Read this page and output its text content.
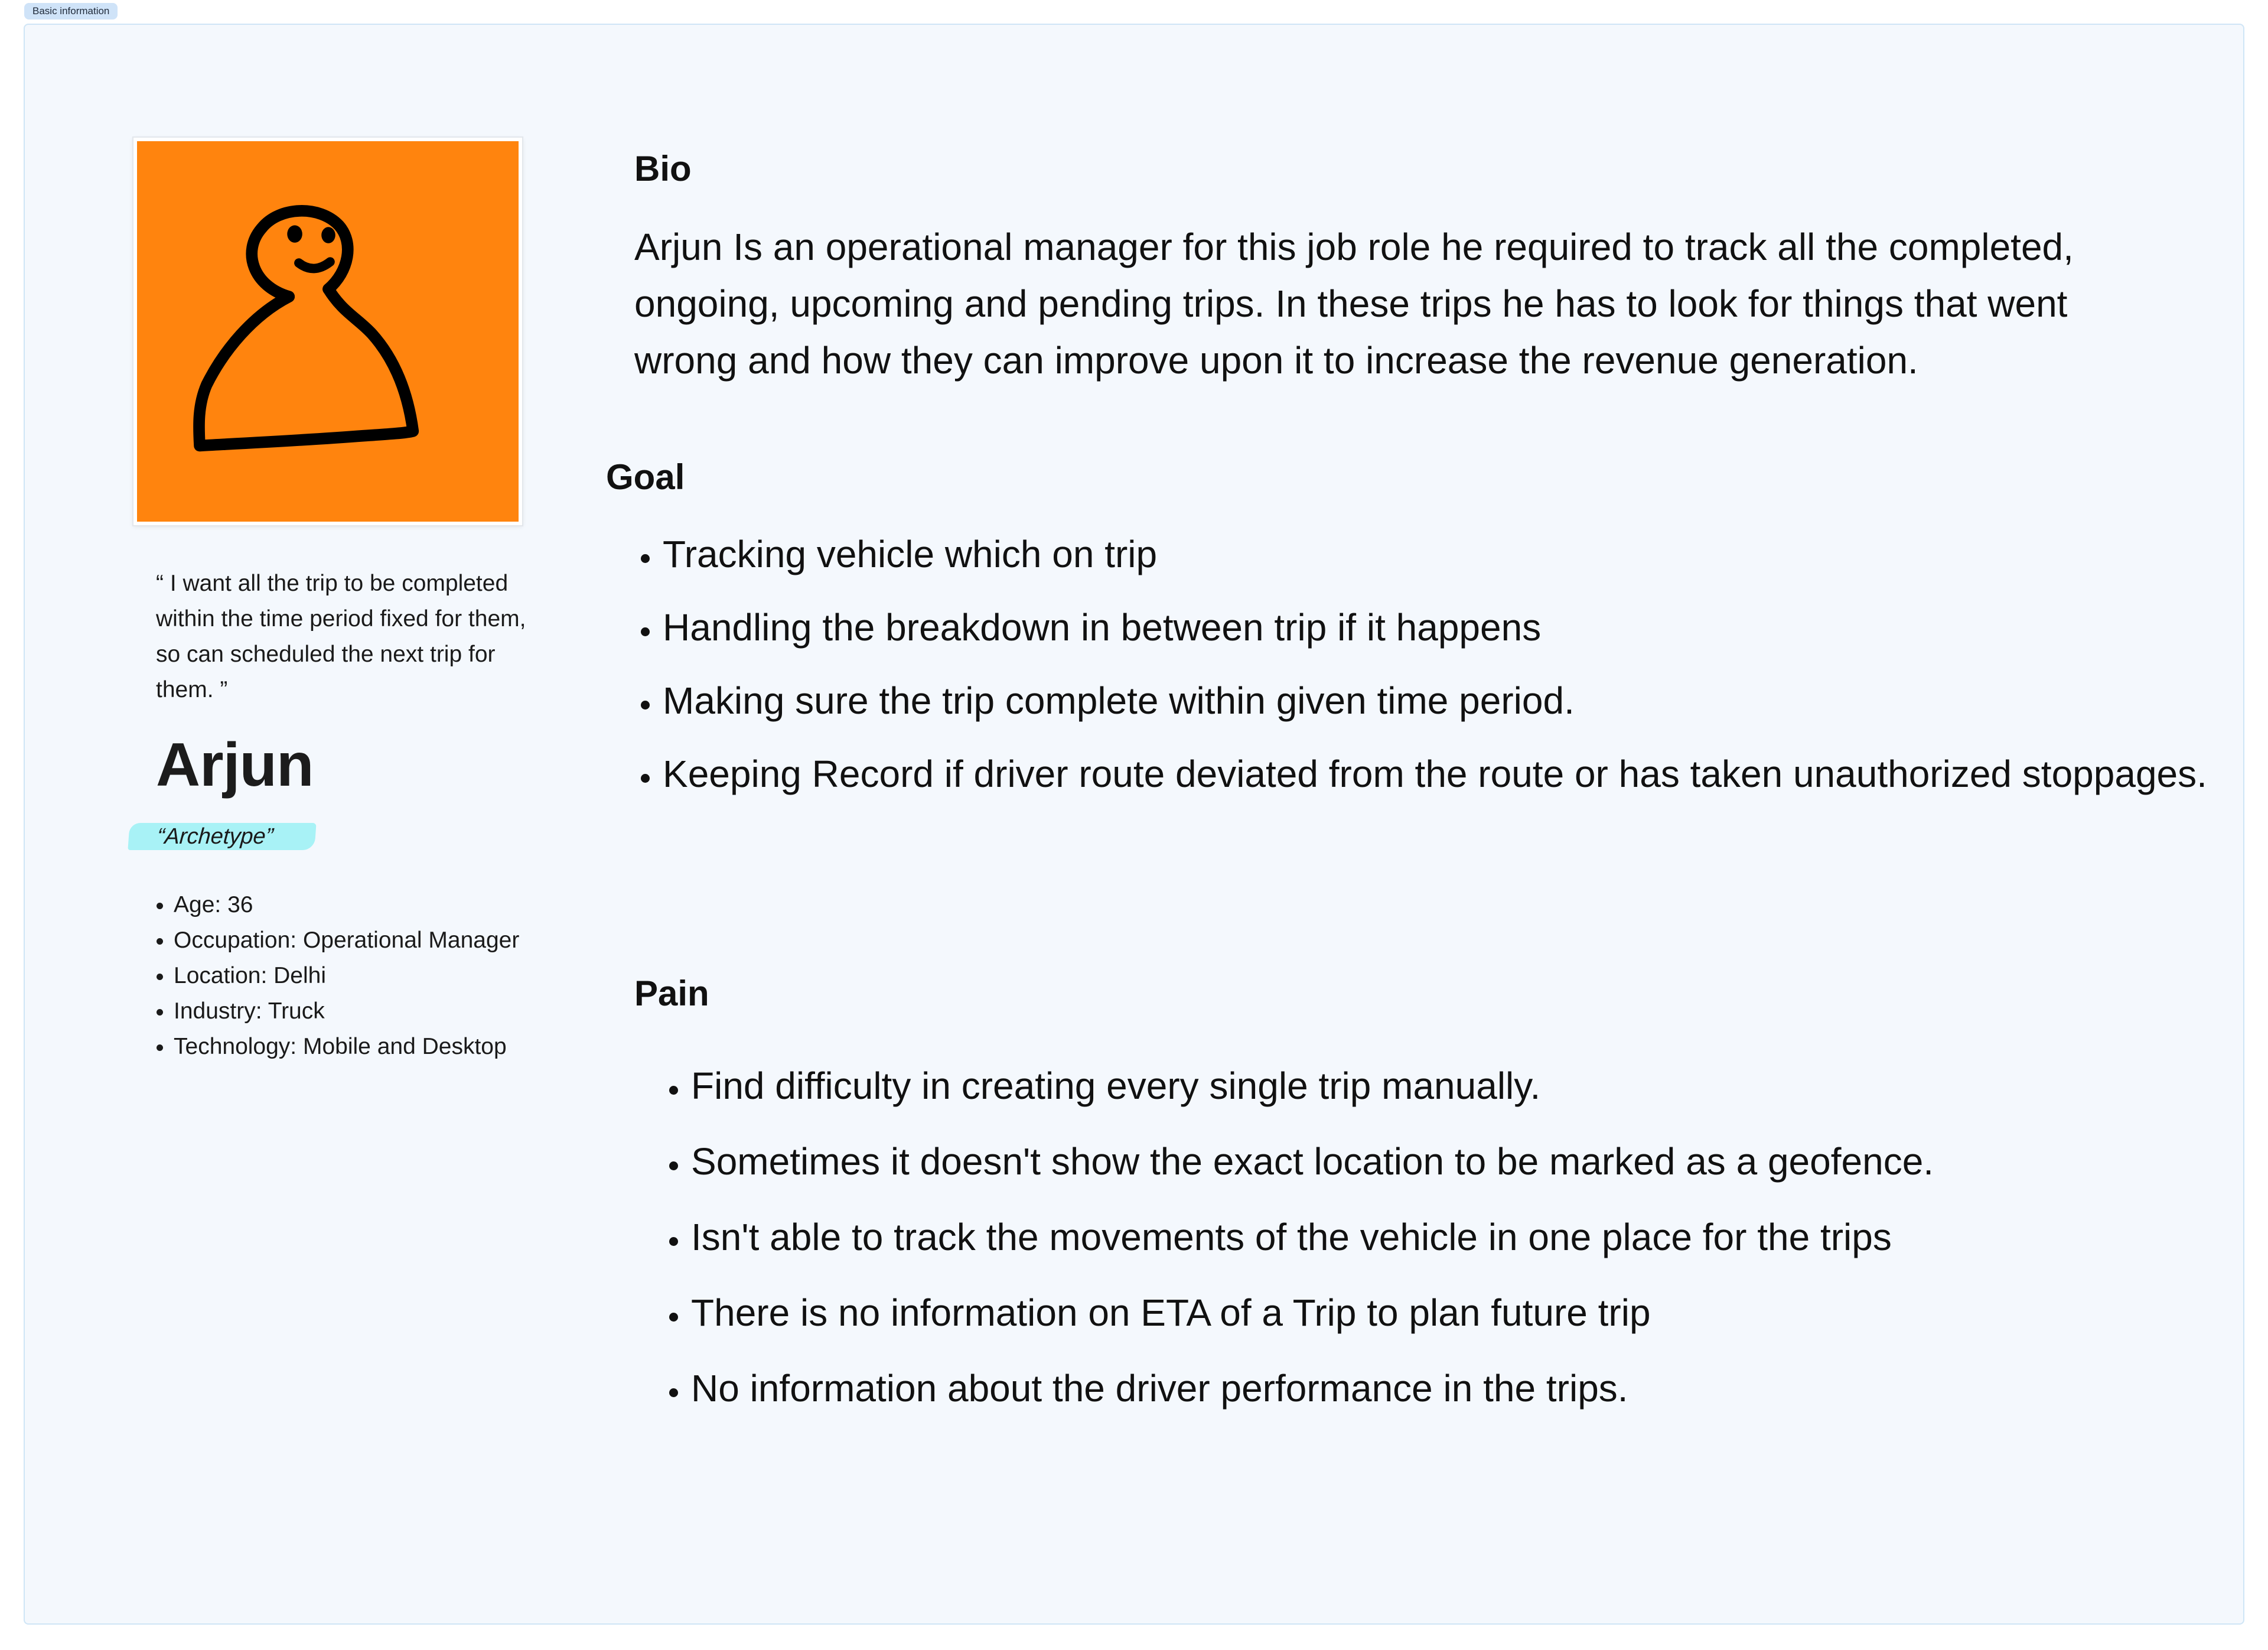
Basic information
“ I want all the trip to be completed within the time period fixed for them, so can scheduled the next trip for them. ”
Arjun
“Archetype”
• Age: 36
• Occupation: Operational Manager
• Location: Delhi
• Industry: Truck
• Technology: Mobile and Desktop
Bio

Arjun Is an operational manager for this job role he required to track all the completed, ongoing, upcoming and pending trips. In these trips he has to look for things that went wrong and how they can improve upon it to increase the revenue generation.

Goal
• Tracking vehicle which on trip
• Handling the breakdown in between trip if it happens
• Making sure the trip complete within given time period.
• Keeping Record if driver route deviated from the route or has taken unauthorized stoppages.
Pain
• Find difficulty in creating every single trip manually.
• Sometimes it doesn't show the exact location to be marked as a geofence.
• Isn't able to track the movements of the vehicle in one place for the trips
• There is no information on ETA of a Trip to plan future trip
• No information about the driver performance in the trips.
